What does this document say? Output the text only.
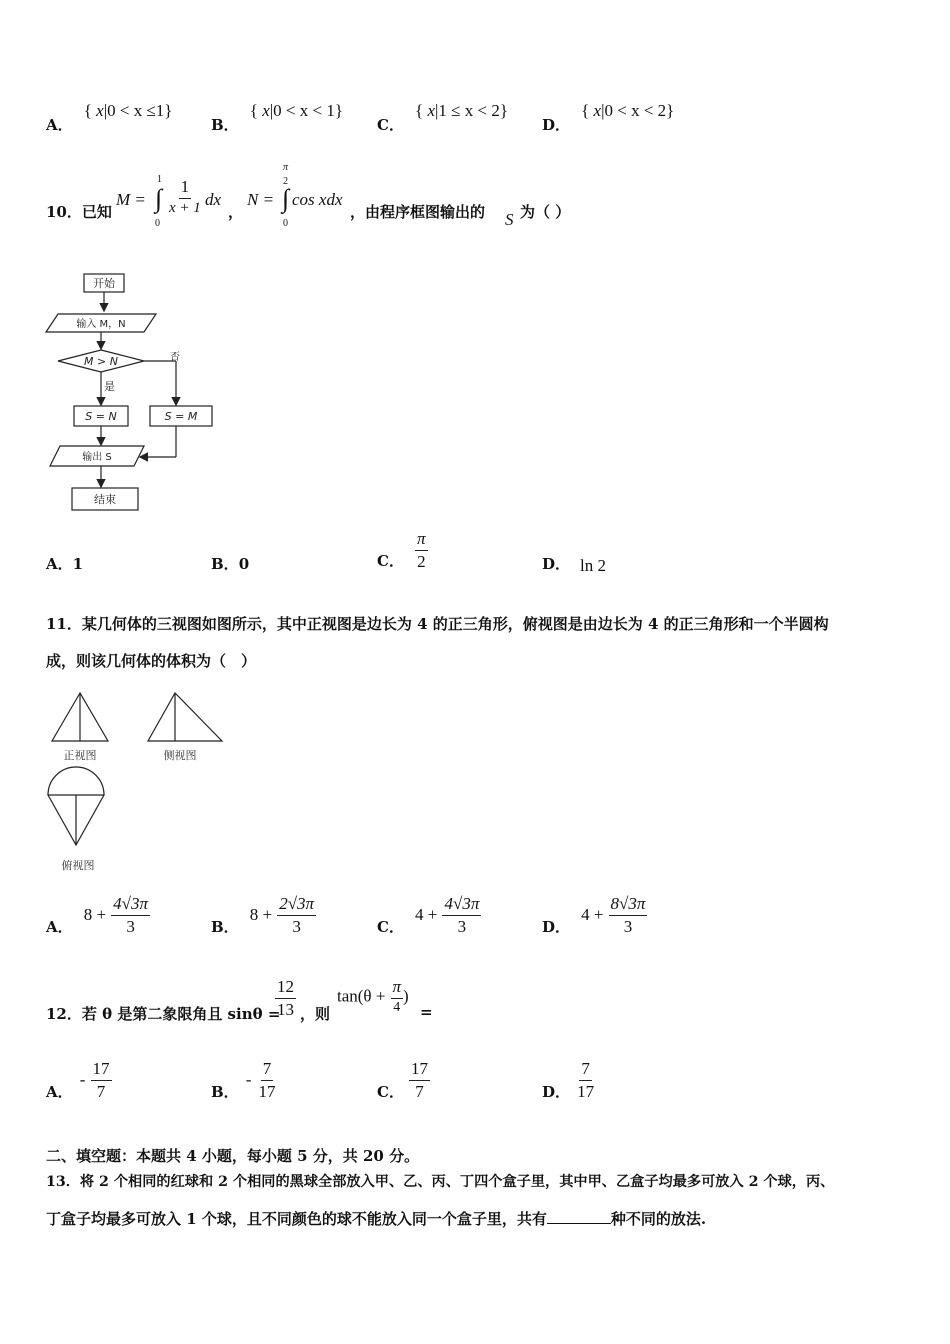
A． { x|0 < x ≤1}
B． { x|0 < x < 1}
C． { x|1 ≤ x < 2}
D． { x|0 < x < 2}
10．已知
M =
1
∫
0
$\frac{1}{x + 1}$ dx
，
N =
π
2
∫
0
cos xdx
，由程序框图输出的 S 为（ ）
开始
输入 M，N
M > N	否
是
S = N	S = M
输出 S
结束
A．1	B．0	C． $\frac{\pi}{2}$	D． ln 2
11．某几何体的三视图如图所示，其中正视图是边长为 4 的正三角形，俯视图是由边长为 4 的正三角形和一个半圆构
成，则该几何体的体积为（　）
正视图	侧视图
俯视图
A． $8 + \frac{4√3\pi}{3}$	B． $8 + \frac{2√3\pi}{3}$	C． $4 + \frac{4√3\pi}{3}$	D． $4 + \frac{8√3\pi}{3}$
12．若 θ 是第二象限角且 sinθ =
$\frac{12}{13}$ ，则
$\tan(\theta + \frac{\pi}{4}$ )
=
A． - $\frac{17}{7}$	B． - $\frac{7}{17}$	C． $\frac{17}{7}$	D． $\frac{7}{17}$
二、填空题：本题共 4 小题，每小题 5 分，共 20 分。
13．将 2 个相同的红球和 2 个相同的黑球全部放入甲、乙、丙、丁四个盒子里，其中甲、乙盒子均最多可放入 2 个球，丙、
丁盒子均最多可放入 1 个球，且不同颜色的球不能放入同一个盒子里，共有	种不同的放法.
